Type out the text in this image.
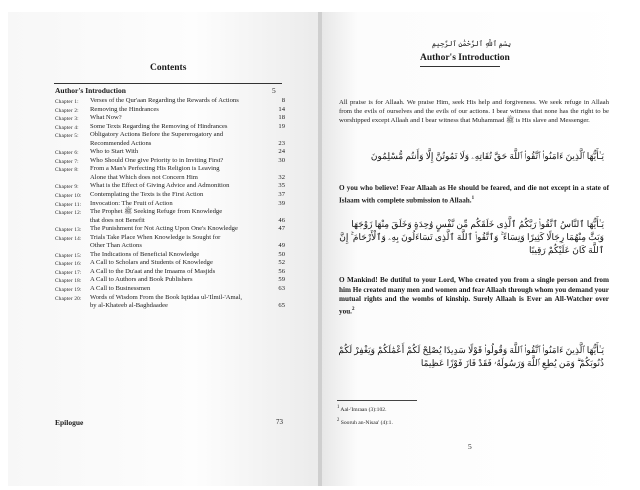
Contents
Author's Introduction	5
Chapter 1: Verses of the Qur'aan Regarding the Rewards of Actions	8
Chapter 2: Removing the Hindrances	14
Chapter 3: What Now?	18
Chapter 4: Some Texts Regarding the Removing of Hindrances	19
Chapter 5: Obligatory Actions Before the Supererogatory and
Recommended Actions	23
Chapter 6: Who to Start With	24
Chapter 7: Who Should One give Priority to in Inviting First?	30
Chapter 8: From a Man's Perfecting His Religion is Leaving
Alone that Which does not Concern Him	32
Chapter 9: What is the Effect of Giving Advice and Admonition	35
Chapter 10: Contemplating the Texts is the First Action	37
Chapter 11: Invocation: The Fruit of Action	39
Chapter 12: The Prophet ﷺ Seeking Refuge from Knowledge
that does not Benefit	46
Chapter 13: The Punishment for Not Acting Upon One's Knowledge	47
Chapter 14: Trials Take Place When Knowledge is Sought for
Other Than Actions	49
Chapter 15: The Indications of Beneficial Knowledge	50
Chapter 16: A Call to Scholars and Students of Knowledge	52
Chapter 17: A Call to the Du'aat and the Imaams of Masjids	56
Chapter 18: A Call to Authors and Book Publishers	59
Chapter 19: A Call to Businessmen	63
Chapter 20: Words of Wisdom From the Book Iqtidaa ul-'Ilmil-'Amal,
by al-Khateeb al-Baghdaadee	65
Epilogue	73
بِسْمِ ٱللَّهِ ٱلرَّحْمَٰنِ ٱلرَّحِيمِ
Author's Introduction
All praise is for Allaah. We praise Him, seek His help and forgiveness. We seek refuge in Allaah from the evils of ourselves and the evils of our actions. I bear witness that none has the right to be worshipped except Allaah and I bear witness that Muhammad ﷺ is His slave and Messenger.
يَـٰأَيُّهَا ٱلَّذِينَ ءَامَنُوا۟ ٱتَّقُوا۟ ٱللَّهَ حَقَّ تُقَاتِهِۦ وَلَا تَمُوتُنَّ إِلَّا وَأَنتُم مُّسْلِمُونَ
O you who believe! Fear Allaah as He should be feared, and die not except in a state of Islaam with complete submission to Allaah.$^1$
يَـٰأَيُّهَا ٱلنَّاسُ ٱتَّقُوا۟ رَبَّكُمُ ٱلَّذِى خَلَقَكُم مِّن نَّفْسٍ وَٰحِدَةٍ وَخَلَقَ مِنْهَا زَوْجَهَا وَبَثَّ مِنْهُمَا رِجَالًا كَثِيرًا وَنِسَاءً ۚ وَٱتَّقُوا۟ ٱللَّهَ ٱلَّذِى تَسَاءَلُونَ بِهِۦ وَٱلْأَرْحَامَ ۚ إِنَّ ٱللَّهَ كَانَ عَلَيْكُمْ رَقِيبًا
O Mankind! Be dutiful to your Lord, Who created you from a single person and from him He created many men and women and fear Allaah through whom you demand your mutual rights and the wombs of kinship. Surely Allaah is Ever an All-Watcher over you.$^2$
يَـٰأَيُّهَا ٱلَّذِينَ ءَامَنُوا۟ ٱتَّقُوا۟ ٱللَّهَ وَقُولُوا۟ قَوْلًا سَدِيدًا يُصْلِحْ لَكُمْ أَعْمَٰلَكُمْ وَيَغْفِرْ لَكُمْ ذُنُوبَكُمْ ۗ وَمَن يُطِعِ ٱللَّهَ وَرَسُولَهُۥ فَقَدْ فَازَ فَوْزًا عَظِيمًا
$^1$ Aal-'Imraan (3):102.
$^2$ Sooruh an-Nisaa' (4):1.
5
